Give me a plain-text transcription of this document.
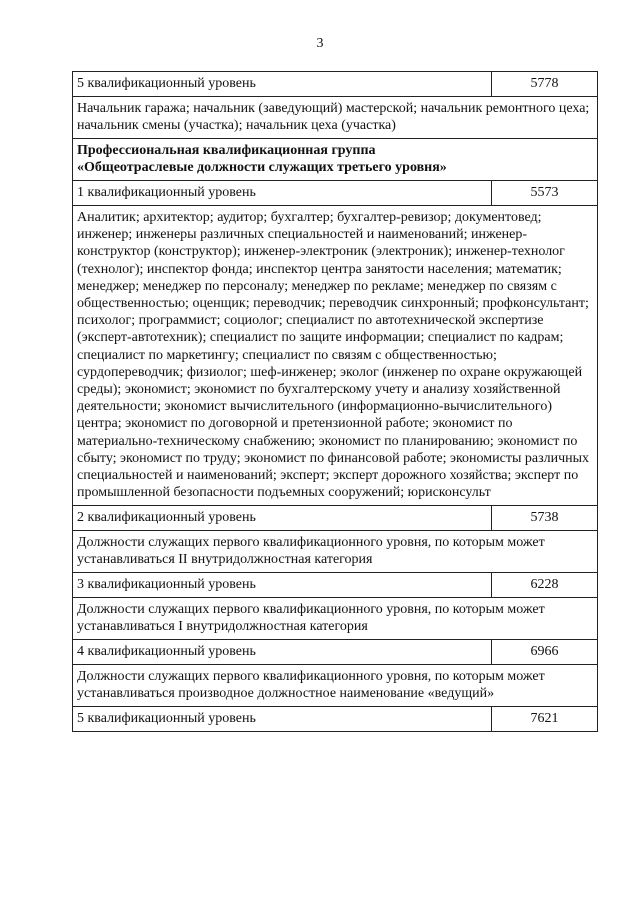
3
5 квалификационный уровень	5778
Начальник гаража; начальник (заведующий) мастерской; начальник ремонтного цеха; начальник смены (участка); начальник цеха (участка)	

Профессиональная квалификационная группа
«Общеотраслевые должности служащих третьего уровня»	

1 квалификационный уровень	5573
Аналитик; архитектор; аудитор; бухгалтер; бухгалтер-ревизор; документовед; инженер; инженеры различных специальностей и наименований; инженер-конструктор (конструктор); инженер-электроник (электроник); инженер-технолог (технолог); инспектор фонда; инспектор центра занятости населения; математик; менеджер; менеджер по персоналу; менеджер по рекламе; менеджер по связям с общественностью; оценщик; переводчик; переводчик синхронный; профконсультант; психолог; программист; социолог; специалист по автотехнической экспертизе (эксперт-автотехник); специалист по защите информации; специалист по кадрам; специалист по маркетингу; специалист по связям с общественностью; сурдопереводчик; физиолог; шеф-инженер; эколог (инженер по охране окружающей среды); экономист; экономист по бухгалтерскому учету и анализу хозяйственной деятельности; экономист вычислительного (информационно-вычислительного) центра; экономист по договорной и претензионной работе; экономист по материально-техническому снабжению; экономист по планированию; экономист по сбыту; экономист по труду; экономист по финансовой работе; экономисты различных специальностей и наименований; эксперт; эксперт дорожного хозяйства; эксперт по промышленной безопасности подъемных сооружений; юрисконсульт	
2 квалификационный уровень	5738
Должности служащих первого квалификационного уровня, по которым может устанавливаться II внутридолжностная категория	
3 квалификационный уровень	6228
Должности служащих первого квалификационного уровня, по которым может устанавливаться I внутридолжностная категория	
4 квалификационный уровень	6966
Должности служащих первого квалификационного уровня, по которым может устанавливаться производное должностное наименование «ведущий»	
5 квалификационный уровень	7621
